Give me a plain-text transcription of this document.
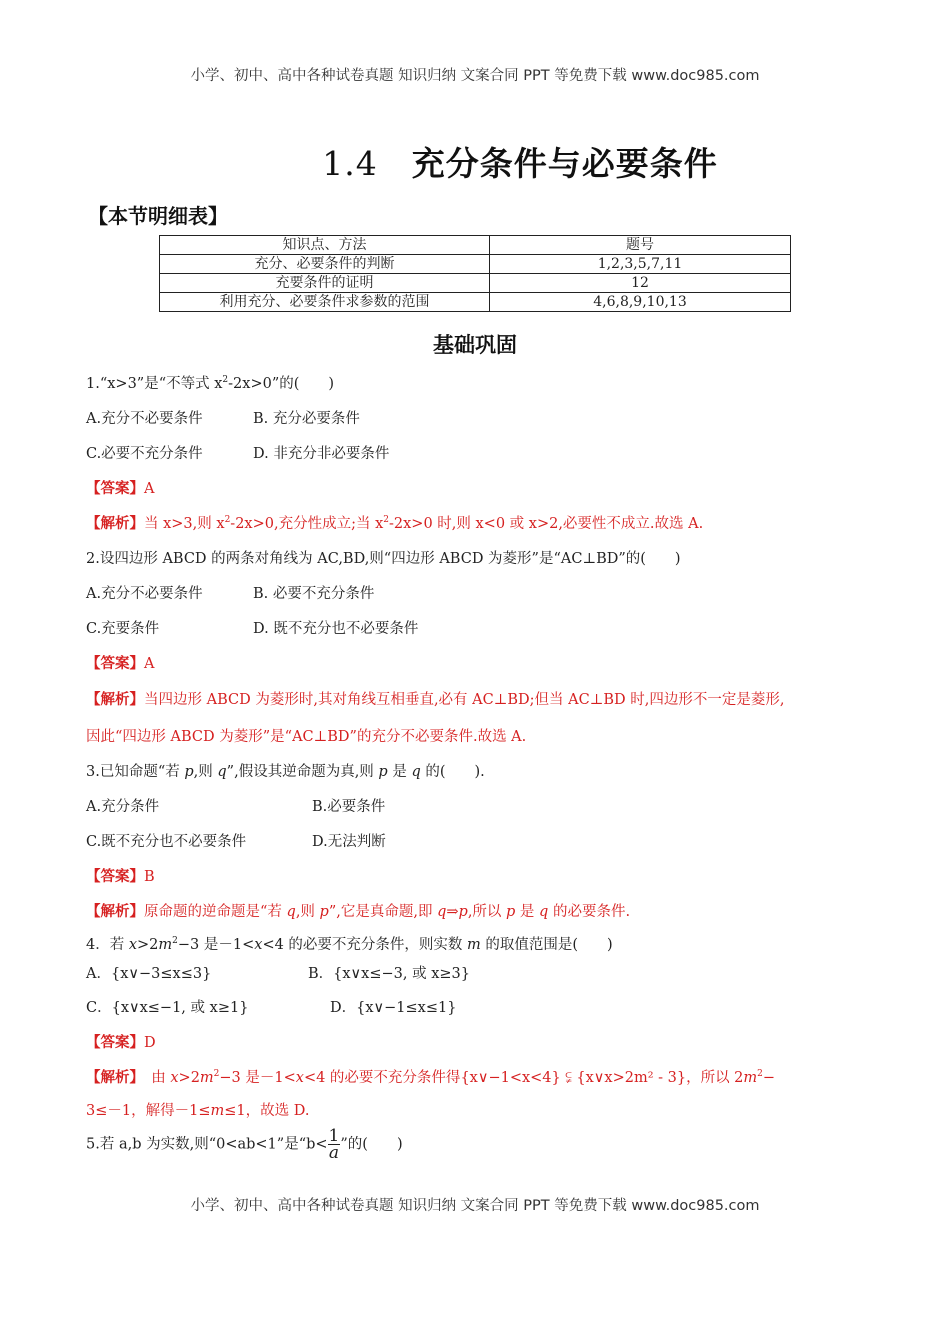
小学、初中、高中各种试卷真题 知识归纳 文案合同 PPT 等免费下载 www.doc985.com
1.4 充分条件与必要条件
【本节明细表】
知识点、方法	题号
充分、必要条件的判断	1,2,3,5,7,11
充要条件的证明	12
利用充分、必要条件求参数的范围	4,6,8,9,10,13
基础巩固
1.“x>3”是“不等式 $x^2-2x>0$”的(　　)
A.充分不必要条件	B. 充分必要条件
C.必要不充分条件	D. 非充分非必要条件
【答案】A
【解析】当 x>3,则 $x^2-2x>0$,充分性成立;当 $x^2-2x>0$ 时,则 x<0 或 x>2,必要性不成立.故选 A.
2.设四边形 ABCD 的两条对角线为 AC,BD,则“四边形 ABCD 为菱形”是“AC⊥BD”的(　　)
A.充分不必要条件	B. 必要不充分条件
C.充要条件	D. 既不充分也不必要条件
【答案】A
【解析】当四边形 ABCD 为菱形时,其对角线互相垂直,必有 AC⊥BD;但当 AC⊥BD 时,四边形不一定是菱形,
因此“四边形 ABCD 为菱形”是“AC⊥BD”的充分不必要条件.故选 A.
3.已知命题“若 p,则 q”,假设其逆命题为真,则 p 是 q 的(　　).
A.充分条件	B.必要条件
C.既不充分也不必要条件	D.无法判断
【答案】B
【解析】原命题的逆命题是“若 q,则 p”,它是真命题,即 q⇒p,所以 p 是 q 的必要条件.
4．若 $x>2m^2-3$ 是－1<x<4 的必要不充分条件，则实数 m 的取值范围是(　　)
A．{x∨−3≤x≤3}	B．{x∨x≤−3, 或 x≥3}
C．{x∨x≤−1, 或 x≥1}	D．{x∨−1≤x≤1}
【答案】D
【解析】　由 $x>2m^2-3$ 是－1<x<4 的必要不充分条件得{x∨−1<x<4} ⫋ {x∨x>2m² - 3}，所以 $2m^2-$
3≤－1，解得－1≤m≤1，故选 D.
5.若 a,b 为实数,则“0<ab<1”是“$b< \frac{1}{a}$ ”的(　　)
小学、初中、高中各种试卷真题 知识归纳 文案合同 PPT 等免费下载 www.doc985.com
